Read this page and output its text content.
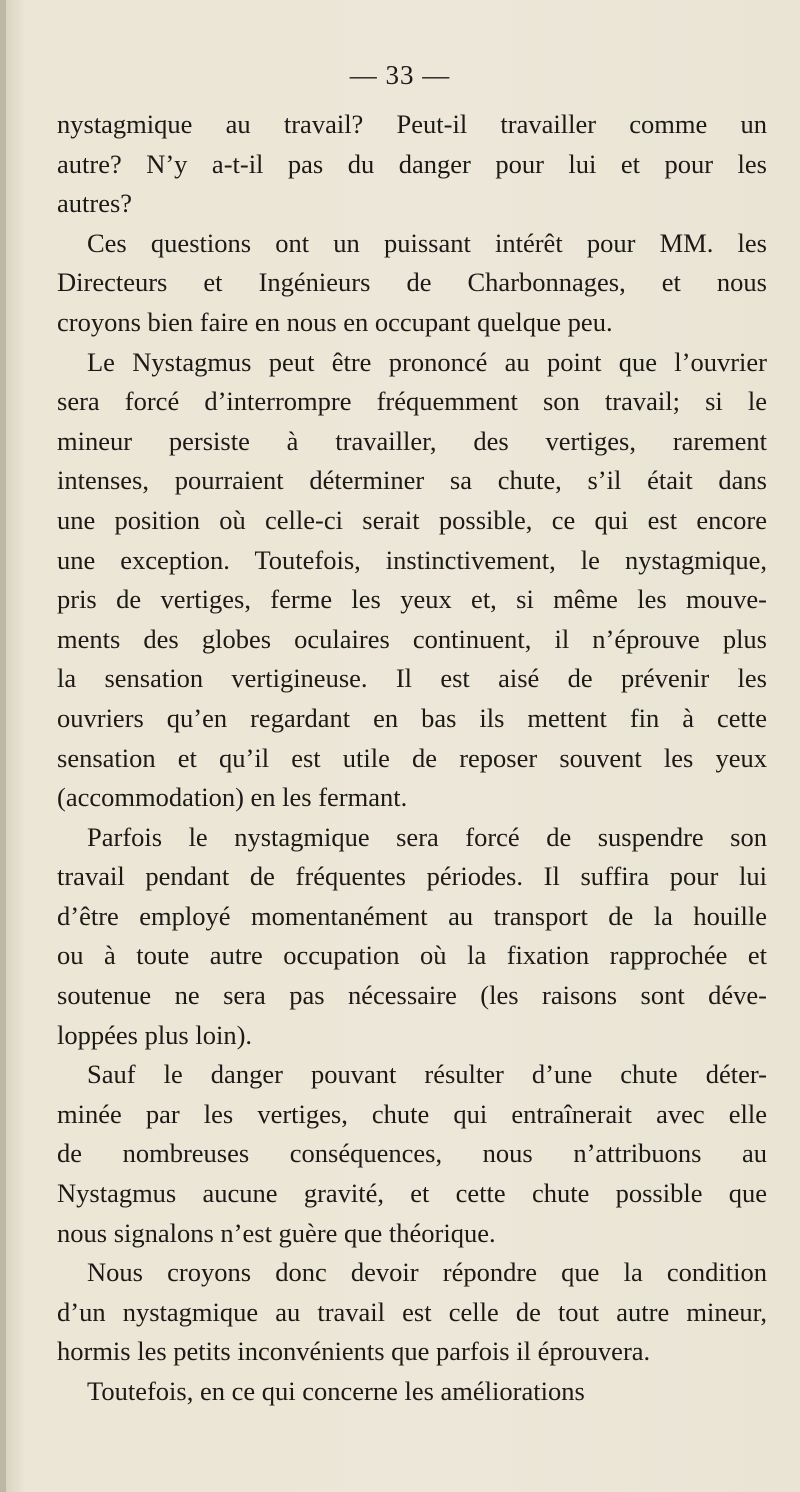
— 33 —

nystagmique au travail? Peut-il travailler comme un
autre? N’y a-t-il pas du danger pour lui et pour les
autres?

Ces questions ont un puissant intérêt pour MM. les
Directeurs et Ingénieurs de Charbonnages, et nous
croyons bien faire en nous en occupant quelque peu.

Le Nystagmus peut être prononcé au point que l’ouvrier
sera forcé d’interrompre fréquemment son travail; si le
mineur persiste à travailler, des vertiges, rarement
intenses, pourraient déterminer sa chute, s’il était dans
une position où celle-ci serait possible, ce qui est encore
une exception. Toutefois, instinctivement, le nystagmique,
pris de vertiges, ferme les yeux et, si même les mouve-
ments des globes oculaires continuent, il n’éprouve plus
la sensation vertigineuse. Il est aisé de prévenir les
ouvriers qu’en regardant en bas ils mettent fin à cette
sensation et qu’il est utile de reposer souvent les yeux
(accommodation) en les fermant.

Parfois le nystagmique sera forcé de suspendre son
travail pendant de fréquentes périodes. Il suffira pour lui
d’être employé momentanément au transport de la houille
ou à toute autre occupation où la fixation rapprochée et
soutenue ne sera pas nécessaire (les raisons sont déve-
loppées plus loin).

Sauf le danger pouvant résulter d’une chute déter-
minée par les vertiges, chute qui entraînerait avec elle
de nombreuses conséquences, nous n’attribuons au
Nystagmus aucune gravité, et cette chute possible que
nous signalons n’est guère que théorique.

Nous croyons donc devoir répondre que la condition
d’un nystagmique au travail est celle de tout autre mineur,
hormis les petits inconvénients que parfois il éprouvera.

Toutefois, en ce qui concerne les améliorations
